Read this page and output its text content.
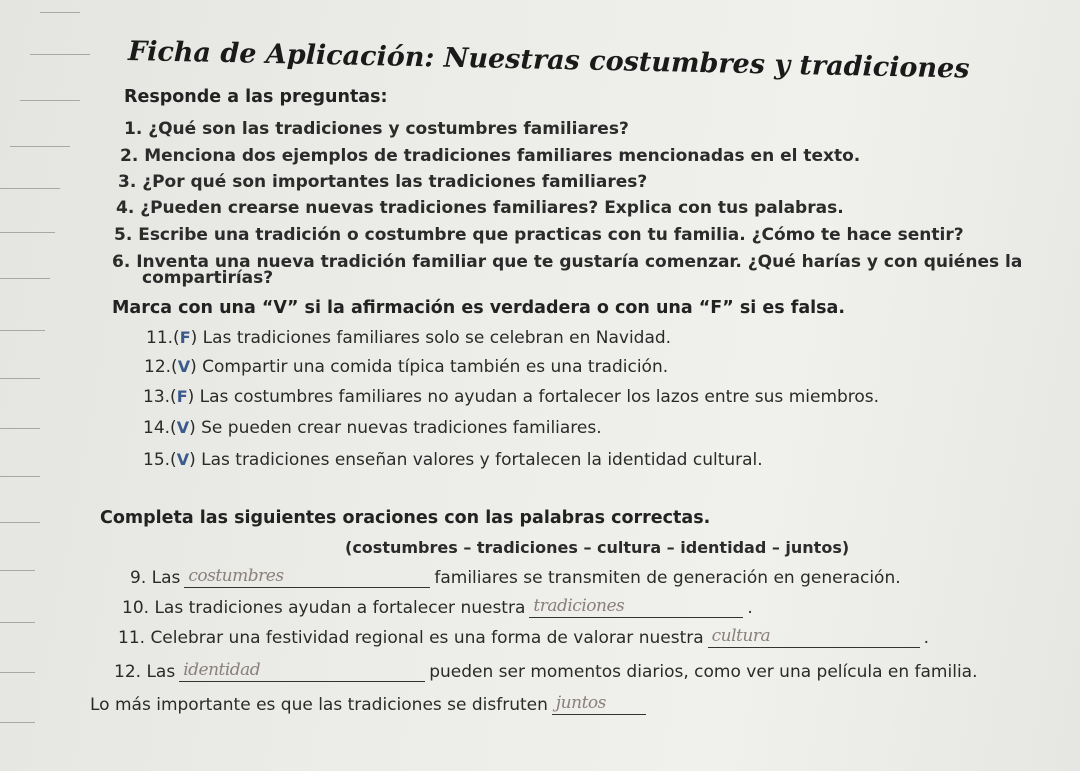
Ficha de Aplicación: Nuestras costumbres y tradiciones
Responde a las preguntas:
1. ¿Qué son las tradiciones y costumbres familiares?
2. Menciona dos ejemplos de tradiciones familiares mencionadas en el texto.
3. ¿Por qué son importantes las tradiciones familiares?
4. ¿Pueden crearse nuevas tradiciones familiares? Explica con tus palabras.
5. Escribe una tradición o costumbre que practicas con tu familia. ¿Cómo te hace sentir?
6. Inventa una nueva tradición familiar que te gustaría comenzar. ¿Qué harías y con quiénes la
compartirías?
Marca con una “V” si la afirmación es verdadera o con una “F” si es falsa.
11.(F) Las tradiciones familiares solo se celebran en Navidad.
12.(V) Compartir una comida típica también es una tradición.
13.(F) Las costumbres familiares no ayudan a fortalecer los lazos entre sus miembros.
14.(V) Se pueden crear nuevas tradiciones familiares.
15.(V) Las tradiciones enseñan valores y fortalecen la identidad cultural.
Completa las siguientes oraciones con las palabras correctas.
(costumbres – tradiciones – cultura – identidad – juntos)
9. Las costumbres	familiares se transmiten de generación en generación.
10. Las tradiciones ayudan a fortalecer nuestra tradiciones	.
11. Celebrar una festividad regional es una forma de valorar nuestra cultura	.
12. Las identidad	pueden ser momentos diarios, como ver una película en familia.
Lo más importante es que las tradiciones se disfruten juntos
